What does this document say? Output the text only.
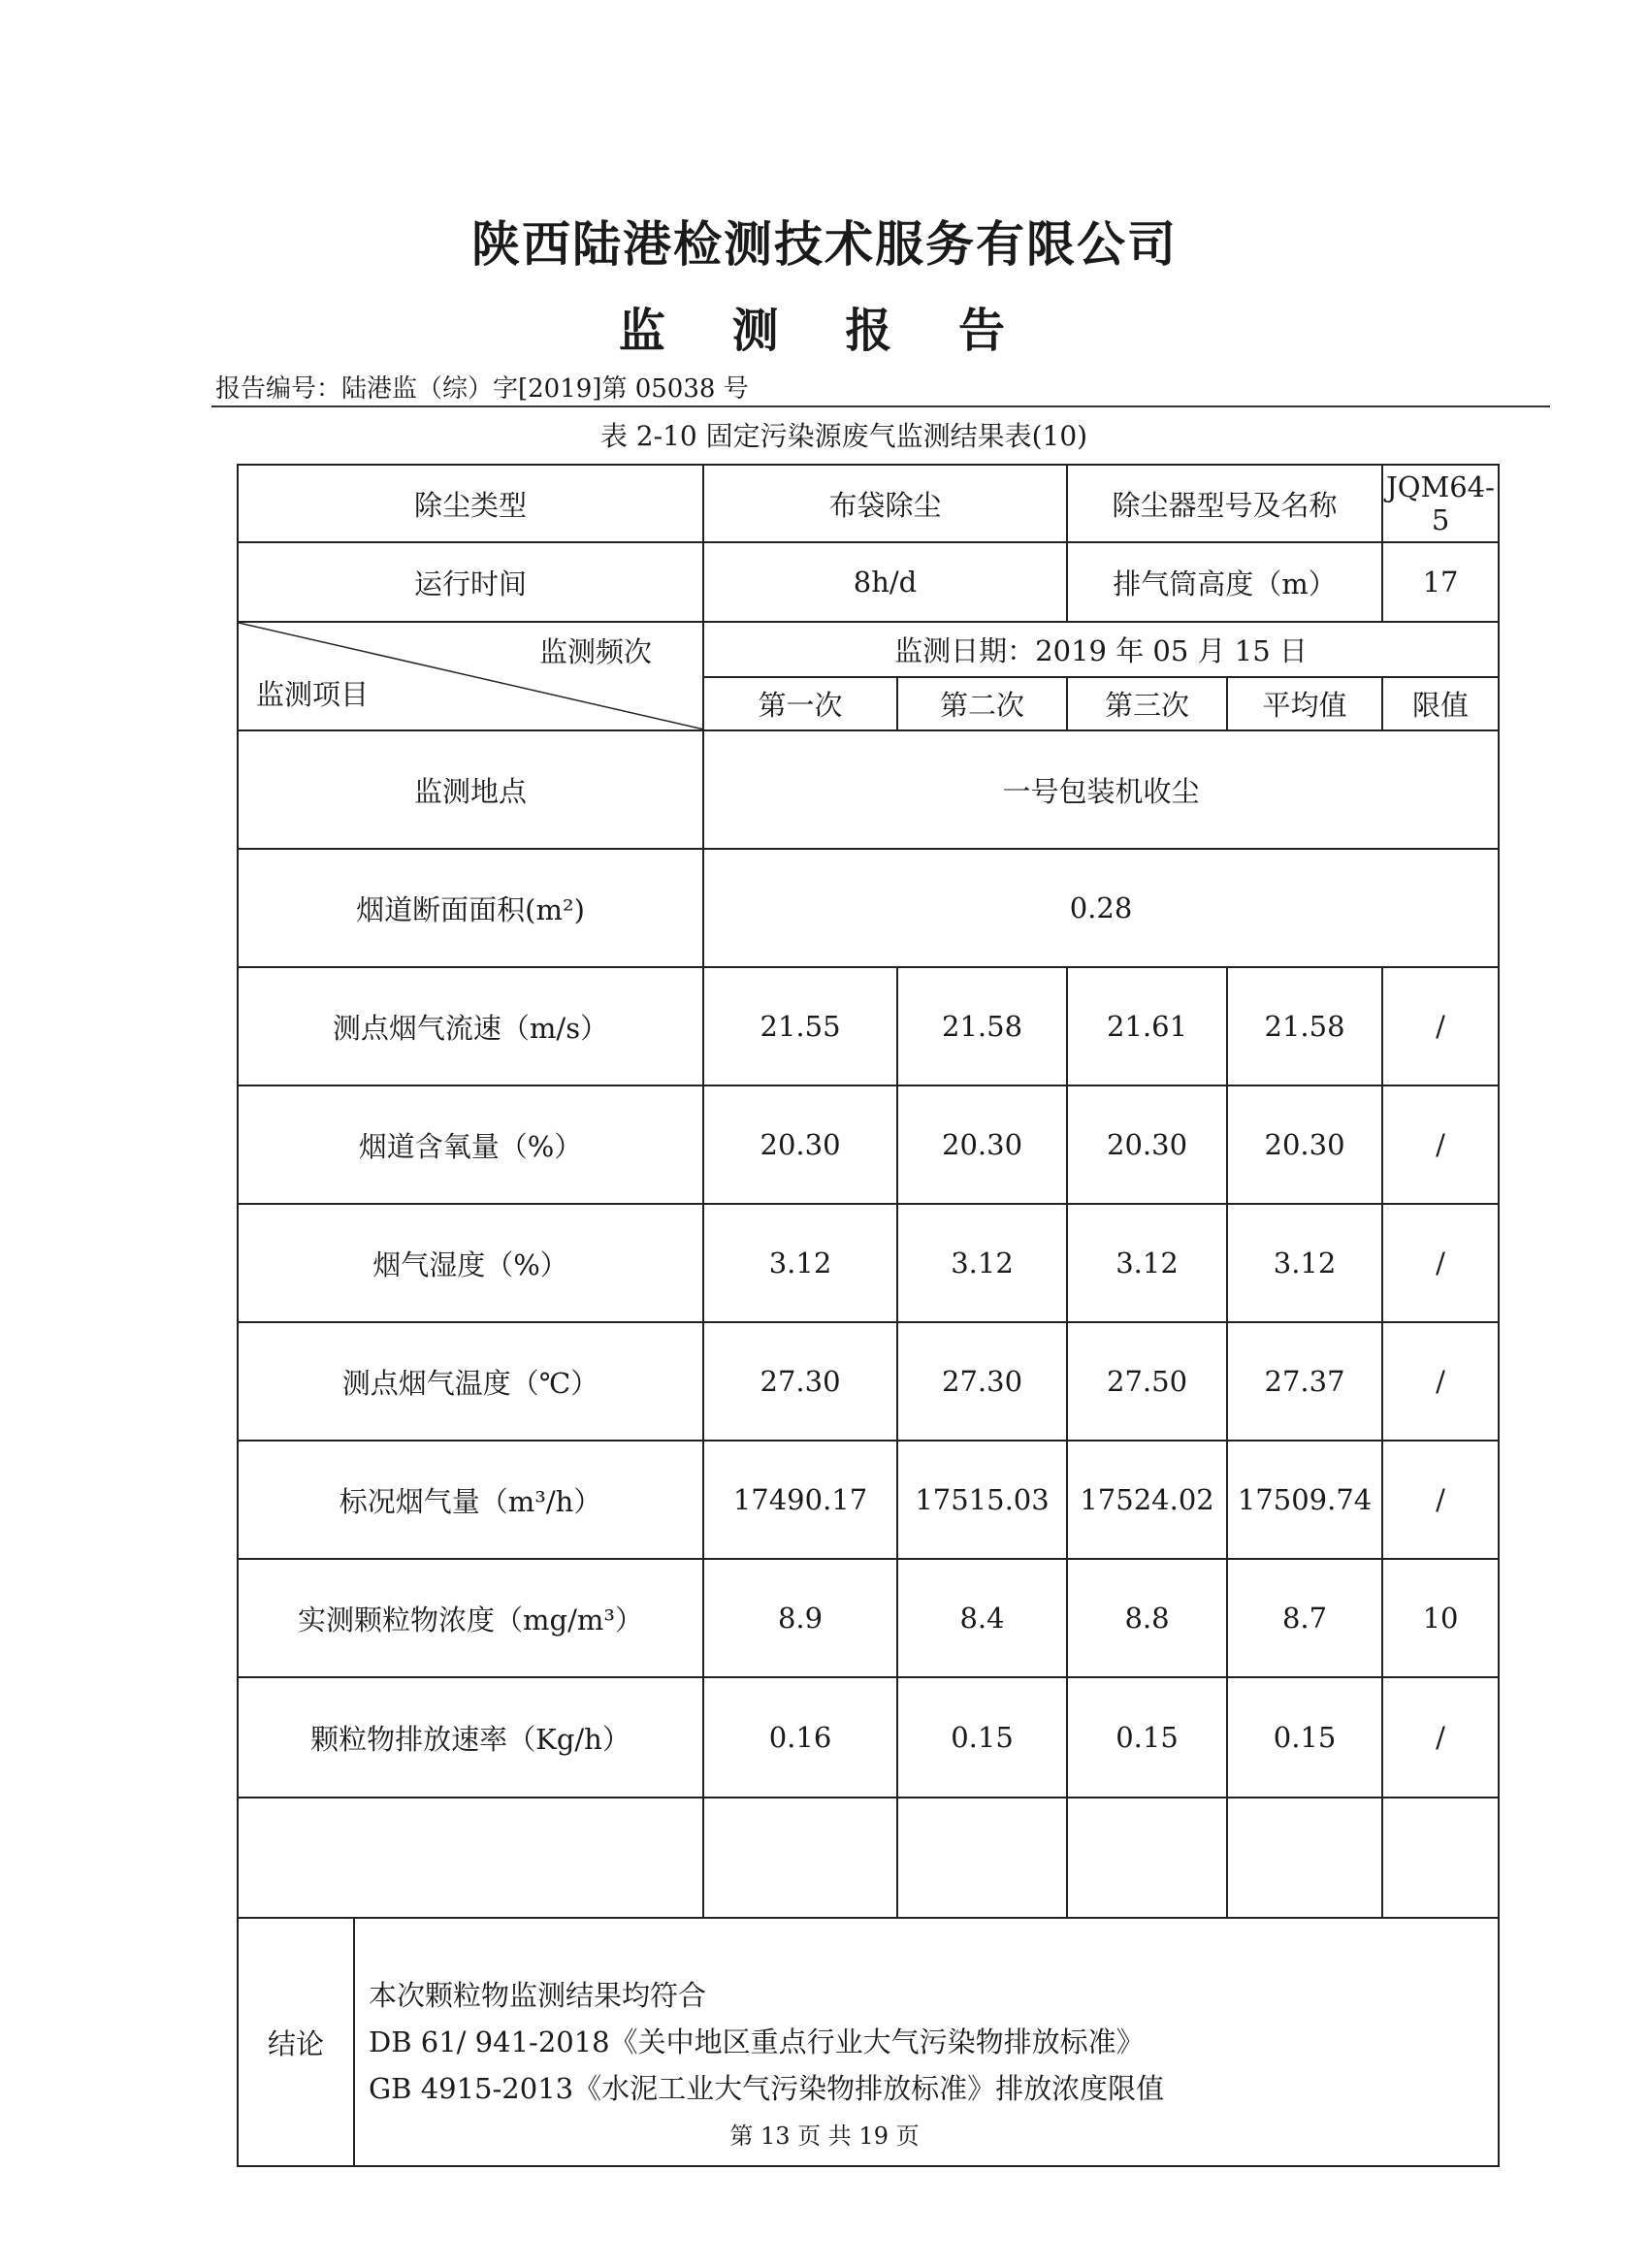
陕西陆港检测技术服务有限公司
监 测 报 告
报告编号：陆港监（综）字[2019]第 05038 号
表 2-10 固定污染源废气监测结果表(10)
除尘类型		布袋除尘		除尘器型号及名称		JQM64-5
运行时间		8h/d		排气筒高度（m）		17

监测频次
监测项目		监测日期：2019 年 05 月 15 日				
		第一次	第二次	第三次	平均值	限值
监测地点		一号包装机收尘				
烟道断面面积(m²)		0.28				
测点烟气流速（m/s）		21.55	21.58	21.61	21.58	/
烟道含氧量（%）		20.30	20.30	20.30	20.30	/
烟气湿度（%）		3.12	3.12	3.12	3.12	/
测点烟气温度（℃）		27.30	27.30	27.50	27.37	/
标况烟气量（m³/h）		17490.17	17515.03	17524.02	17509.74	/
实测颗粒物浓度（mg/m³）		8.9	8.4	8.8	8.7	10
颗粒物排放速率（Kg/h）		0.16	0.15	0.15	0.15	/

结论	本次颗粒物监测结果均符合
DB 61/ 941-2018《关中地区重点行业大气污染物排放标准》
GB 4915-2013《水泥工业大气污染物排放标准》排放浓度限值					
第 13 页 共 19 页
